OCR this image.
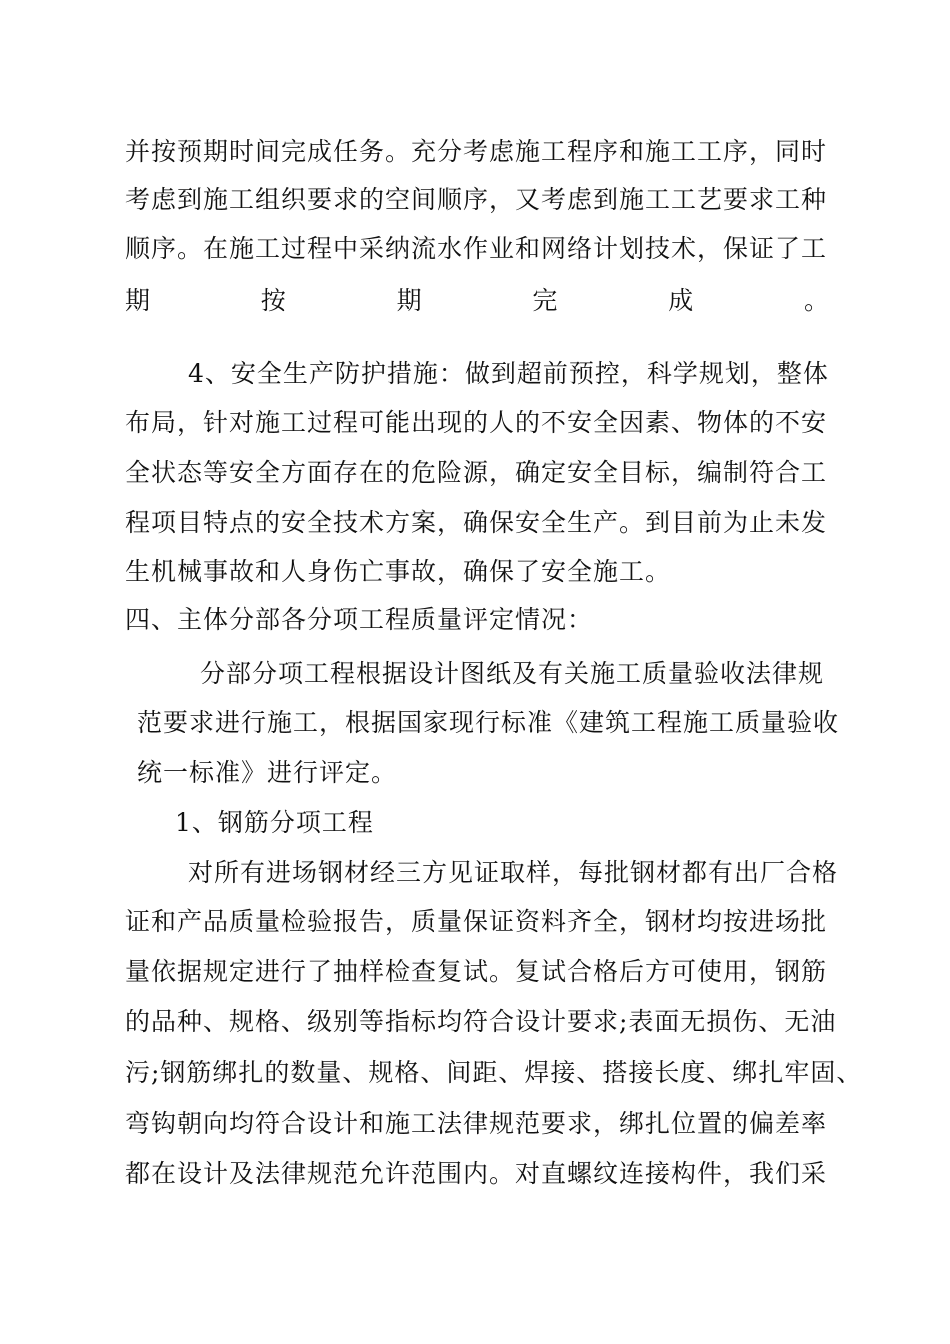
并按预期时间完成任务。充分考虑施工程序和施工工序，同时
考虑到施工组织要求的空间顺序，又考虑到施工工艺要求工种
顺序。在施工过程中采纳流水作业和网络计划技术，保证了工
期	按	期	完	成	。
4、安全生产防护措施：做到超前预控，科学规划，整体
布局，针对施工过程可能出现的人的不安全因素、物体的不安
全状态等安全方面存在的危险源，确定安全目标，编制符合工
程项目特点的安全技术方案，确保安全生产。到目前为止未发
生机械事故和人身伤亡事故，确保了安全施工。
四、主体分部各分项工程质量评定情况：
分部分项工程根据设计图纸及有关施工质量验收法律规
范要求进行施工，根据国家现行标准《建筑工程施工质量验收
统一标准》进行评定。
1、钢筋分项工程
对所有进场钢材经三方见证取样，每批钢材都有出厂合格
证和产品质量检验报告，质量保证资料齐全，钢材均按进场批
量依据规定进行了抽样检查复试。复试合格后方可使用，钢筋
的品种、规格、级别等指标均符合设计要求;表面无损伤、无油
污;钢筋绑扎的数量、规格、间距、焊接、搭接长度、绑扎牢固、
弯钩朝向均符合设计和施工法律规范要求，绑扎位置的偏差率
都在设计及法律规范允许范围内。对直螺纹连接构件，我们采
